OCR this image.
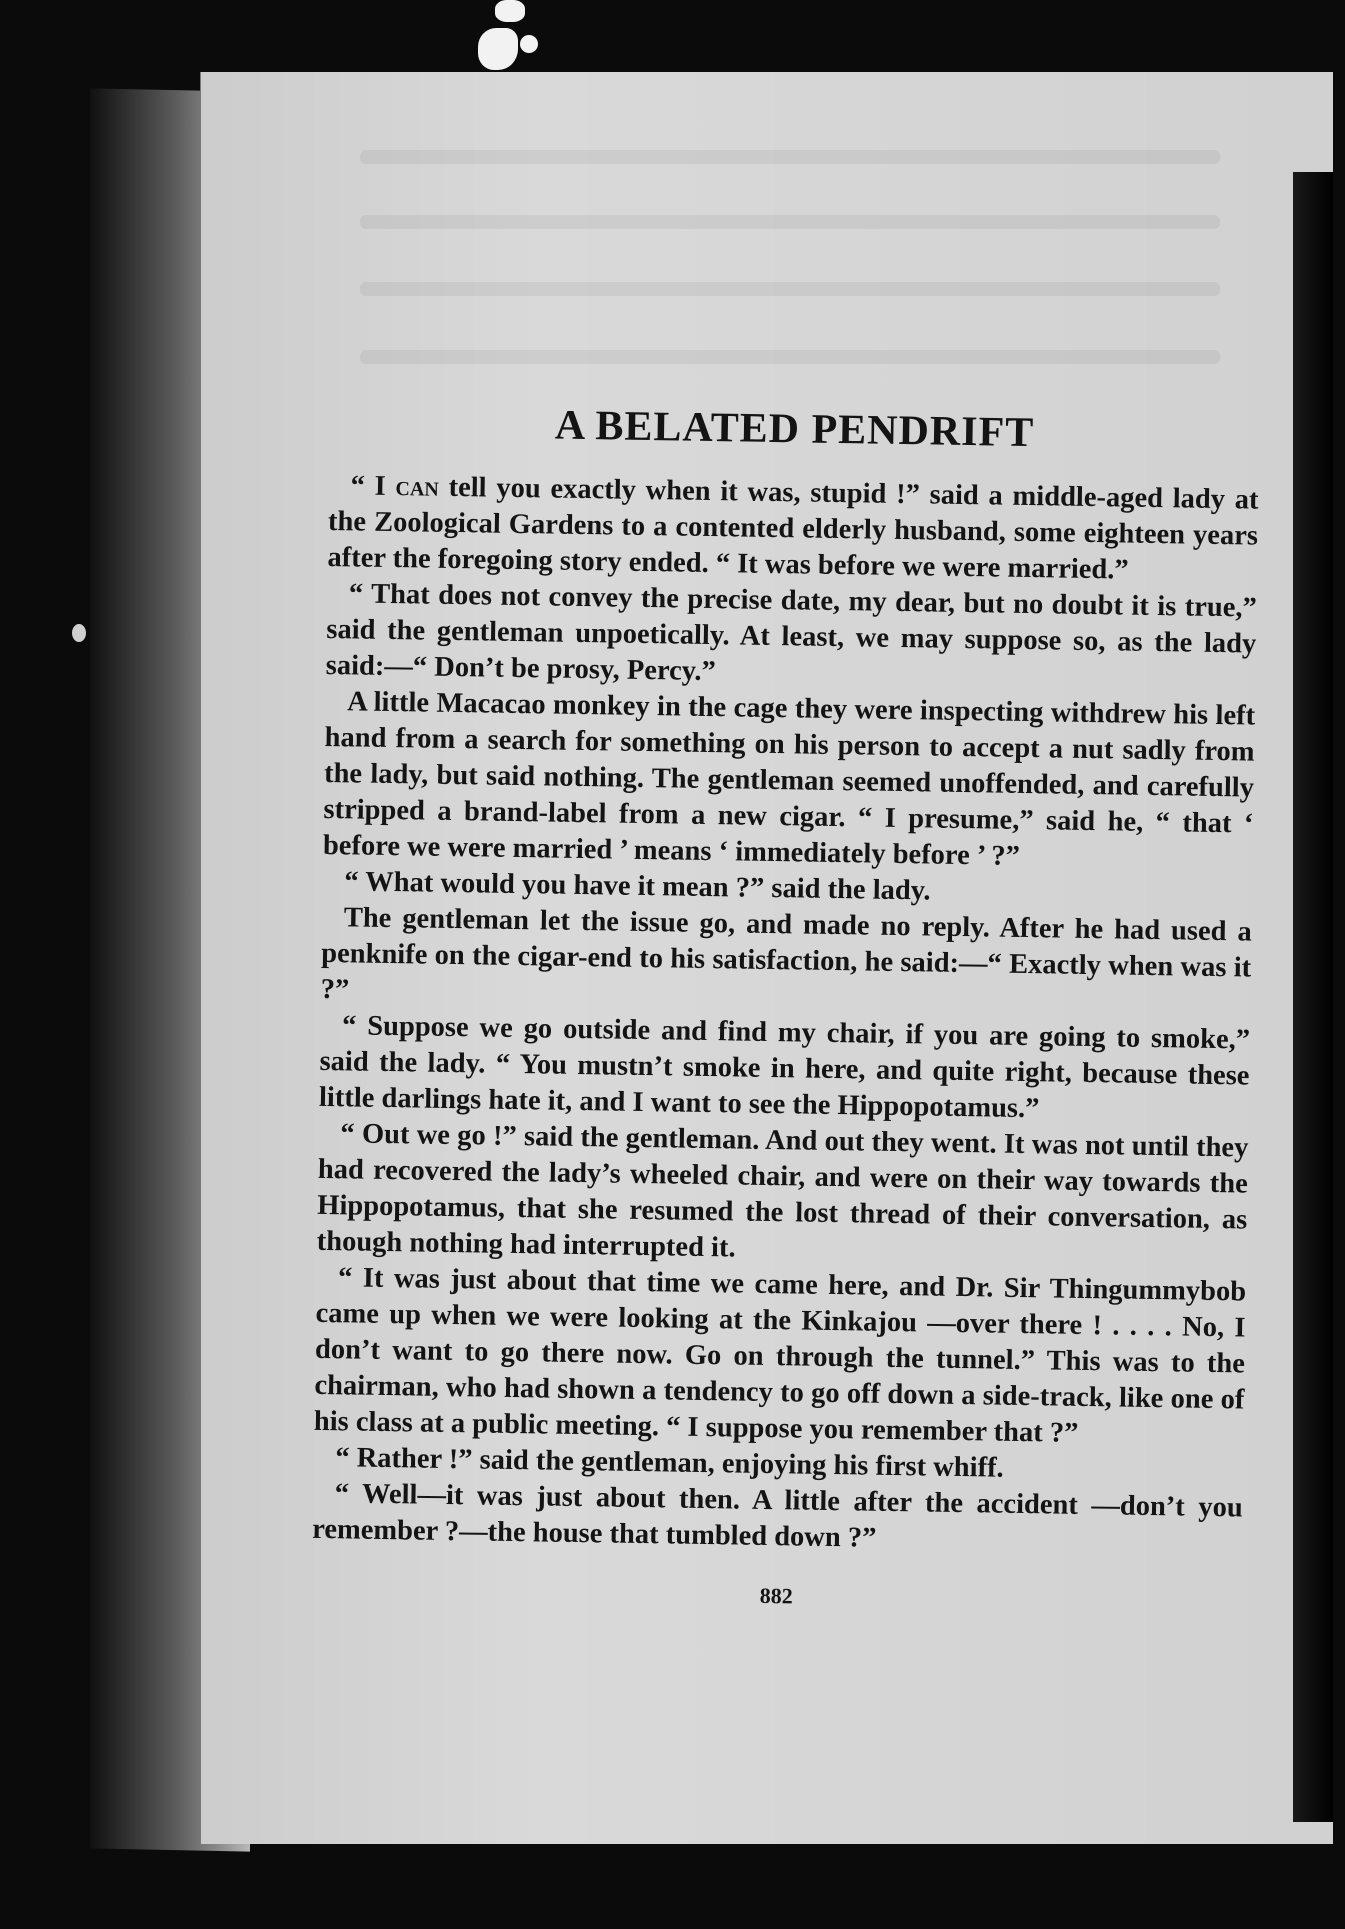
A BELATED PENDRIFT

“ I can tell you exactly when it was, stupid !” said a middle-aged lady at the Zoological Gardens to a contented elderly husband, some eighteen years after the foregoing story ended. “ It was before we were married.”

“ That does not convey the precise date, my dear, but no doubt it is true,” said the gentleman unpoetically. At least, we may suppose so, as the lady said:—“ Don’t be prosy, Percy.”

A little Macacao monkey in the cage they were inspecting withdrew his left hand from a search for something on his person to accept a nut sadly from the lady, but said nothing. The gentleman seemed unoffended, and carefully stripped a brand-label from a new cigar. “ I presume,” said he, “ that ‘ before we were married ’ means ‘ immediately before ’ ?”

“ What would you have it mean ?” said the lady.

The gentleman let the issue go, and made no reply. After he had used a penknife on the cigar-end to his satisfaction, he said:—“ Exactly when was it ?”

“ Suppose we go outside and find my chair, if you are going to smoke,” said the lady. “ You mustn’t smoke in here, and quite right, because these little darlings hate it, and I want to see the Hippopotamus.”

“ Out we go !” said the gentleman. And out they went. It was not until they had recovered the lady’s wheeled chair, and were on their way towards the Hippopotamus, that she resumed the lost thread of their conversation, as though nothing had interrupted it.

“ It was just about that time we came here, and Dr. Sir Thingummybob came up when we were looking at the Kinkajou —over there ! . . . . No, I don’t want to go there now. Go on through the tunnel.” This was to the chairman, who had shown a tendency to go off down a side-track, like one of his class at a public meeting. “ I suppose you remember that ?”

“ Rather !” said the gentleman, enjoying his first whiff.

“ Well—it was just about then. A little after the accident —don’t you remember ?—the house that tumbled down ?”

882
